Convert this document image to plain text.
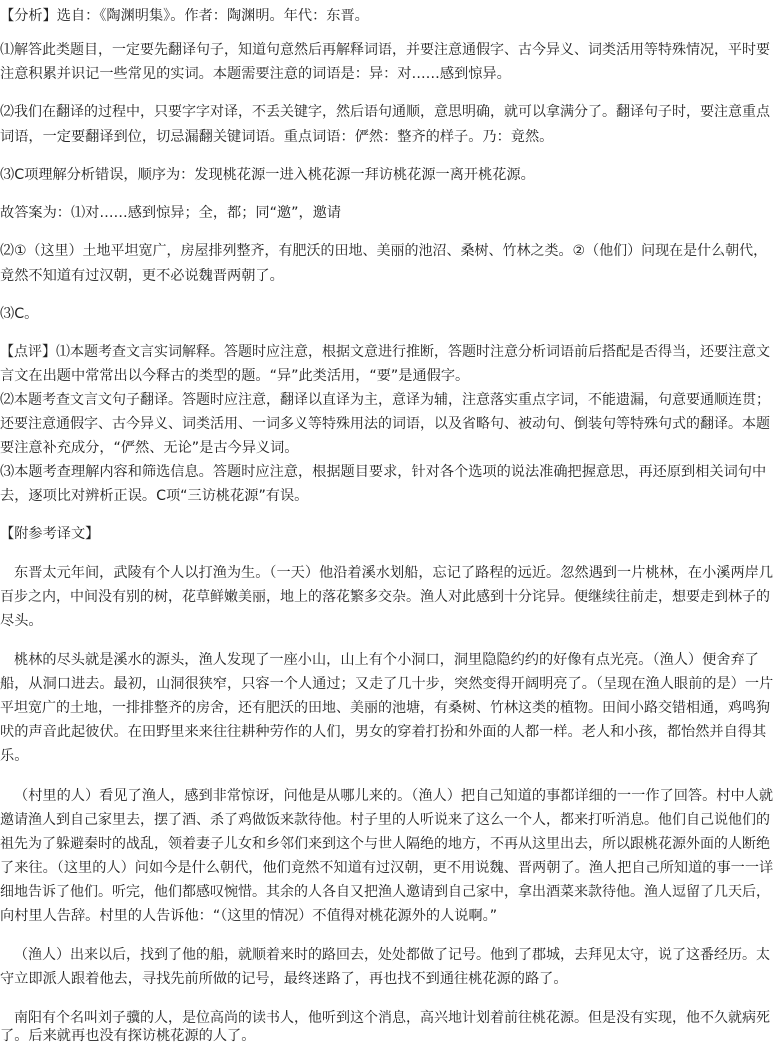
【分析】选自：《陶渊明集》。作者：陶渊明。年代：东晋。
⑴解答此类题目，一定要先翻译句子，知道句意然后再解释词语，并要注意通假字、古今异义、词类活用等特殊情况，平时要
注意积累并识记一些常见的实词。本题需要注意的词语是：异：对……感到惊异。
⑵我们在翻译的过程中，只要字字对译，不丢关键字，然后语句通顺，意思明确，就可以拿满分了。翻译句子时，要注意重点
词语，一定要翻译到位，切忌漏翻关键词语。重点词语：俨然：整齐的样子。乃：竟然。
⑶C项理解分析错误，顺序为：发现桃花源一进入桃花源一拜访桃花源一离开桃花源。
故答案为：⑴对……感到惊异；全，都；同“邀”，邀请
⑵①（这里）土地平坦宽广，房屋排列整齐，有肥沃的田地、美丽的池沼、桑树、竹林之类。②（他们）问现在是什么朝代，
竟然不知道有过汉朝，更不必说魏晋两朝了。
⑶C。
【点评】⑴本题考查文言实词解释。答题时应注意，根据文意进行推断，答题时注意分析词语前后搭配是否得当，还要注意文
言文在出题中常常出以今释古的类型的题。“异”此类活用，“要”是通假字。
⑵本题考查文言文句子翻译。答题时应注意，翻译以直译为主，意译为辅，注意落实重点字词，不能遗漏，句意要通顺连贯；
还要注意通假字、古今异义、词类活用、一词多义等特殊用法的词语，以及省略句、被动句、倒装句等特殊句式的翻译。本题
要注意补充成分，“俨然、无论”是古今异义词。
⑶本题考查理解内容和筛选信息。答题时应注意，根据题目要求，针对各个选项的说法准确把握意思，再还原到相关词句中
去，逐项比对辨析正误。C项“三访桃花源”有误。
【附参考译文】
东晋太元年间，武陵有个人以打渔为生。（一天）他沿着溪水划船，忘记了路程的远近。忽然遇到一片桃林，在小溪两岸几
百步之内，中间没有别的树，花草鲜嫩美丽，地上的落花繁多交杂。渔人对此感到十分诧异。便继续往前走，想要走到林子的
尽头。
桃林的尽头就是溪水的源头，渔人发现了一座小山，山上有个小洞口，洞里隐隐约约的好像有点光亮。（渔人）便舍弃了
船，从洞口进去。最初，山洞很狭窄，只容一个人通过；又走了几十步，突然变得开阔明亮了。（呈现在渔人眼前的是）一片
平坦宽广的土地，一排排整齐的房舍，还有肥沃的田地、美丽的池塘，有桑树、竹林这类的植物。田间小路交错相通，鸡鸣狗
吠的声音此起彼伏。在田野里来来往往耕种劳作的人们，男女的穿着打扮和外面的人都一样。老人和小孩，都怡然并自得其
乐。
（村里的人）看见了渔人，感到非常惊讶，问他是从哪儿来的。（渔人）把自己知道的事都详细的一一作了回答。村中人就
邀请渔人到自己家里去，摆了酒、杀了鸡做饭来款待他。村子里的人听说来了这么一个人，都来打听消息。他们自己说他们的
祖先为了躲避秦时的战乱，领着妻子儿女和乡邻们来到这个与世人隔绝的地方，不再从这里出去，所以跟桃花源外面的人断绝
了来往。（这里的人）问如今是什么朝代，他们竟然不知道有过汉朝，更不用说魏、晋两朝了。渔人把自己所知道的事一一详
细地告诉了他们。听完，他们都感叹惋惜。其余的人各自又把渔人邀请到自己家中，拿出酒菜来款待他。渔人逗留了几天后，
向村里人告辞。村里的人告诉他：“（这里的情况）不值得对桃花源外的人说啊。”
（渔人）出来以后，找到了他的船，就顺着来时的路回去，处处都做了记号。他到了郡城，去拜见太守，说了这番经历。太
守立即派人跟着他去，寻找先前所做的记号，最终迷路了，再也找不到通往桃花源的路了。
南阳有个名叫刘子骥的人，是位高尚的读书人，他听到这个消息，高兴地计划着前往桃花源。但是没有实现，他不久就病死
了。后来就再也没有探访桃花源的人了。
